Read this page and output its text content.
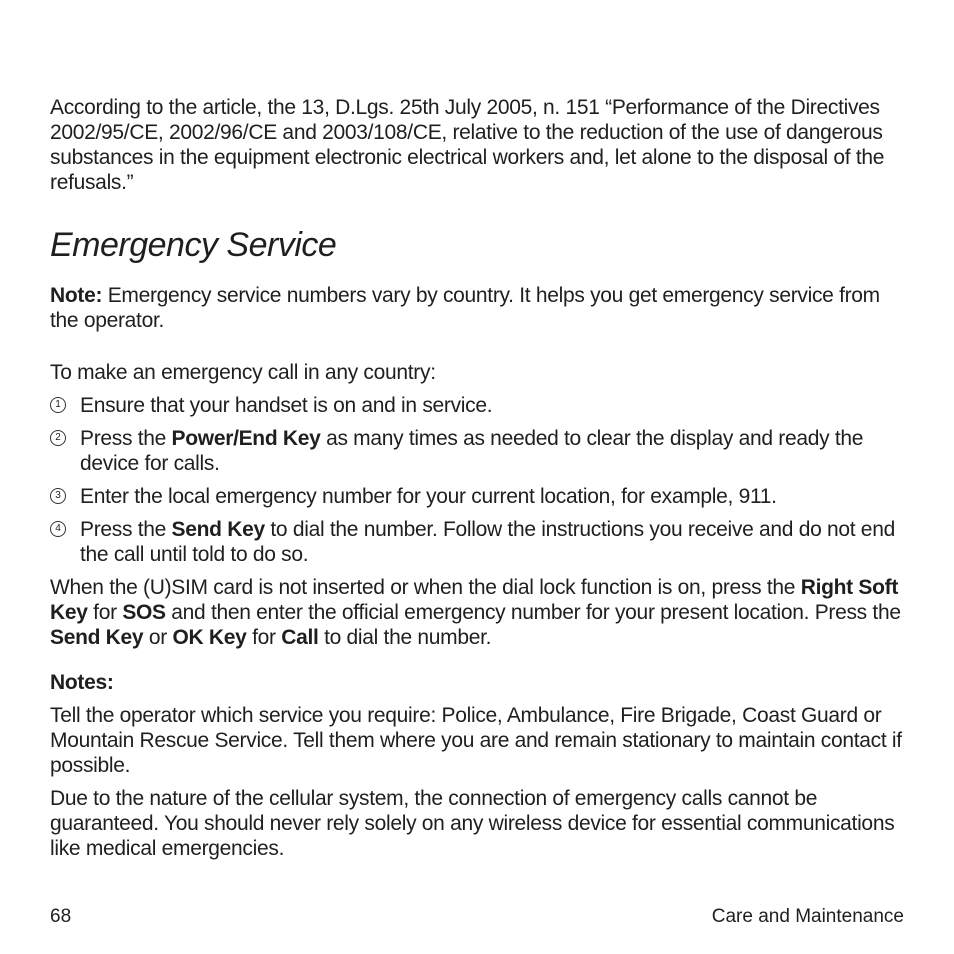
According to the article, the 13, D.Lgs. 25th July 2005, n. 151 “Performance of the Directives 2002/95/CE, 2002/96/CE and 2003/108/CE, relative to the reduction of the use of dangerous substances in the equipment electronic electrical workers and, let alone to the disposal of the refusals.”

Emergency Service

Note: Emergency service numbers vary by country. It helps you get emergency service from the operator.

To make an emergency call in any country:

1 Ensure that your handset is on and in service.

2 Press the Power/End Key as many times as needed to clear the display and ready the device for calls.

3 Enter the local emergency number for your current location, for example, 911.

4 Press the Send Key to dial the number. Follow the instructions you receive and do not end the call until told to do so.

When the (U)SIM card is not inserted or when the dial lock function is on, press the Right Soft Key for SOS and then enter the official emergency number for your present location. Press the Send Key or OK Key for Call to dial the number.

Notes:

Tell the operator which service you require: Police, Ambulance, Fire Brigade, Coast Guard or Mountain Rescue Service. Tell them where you are and remain stationary to maintain contact if possible.

Due to the nature of the cellular system, the connection of emergency calls cannot be guaranteed. You should never rely solely on any wireless device for essential communications like medical emergencies.

68	Care and Maintenance
